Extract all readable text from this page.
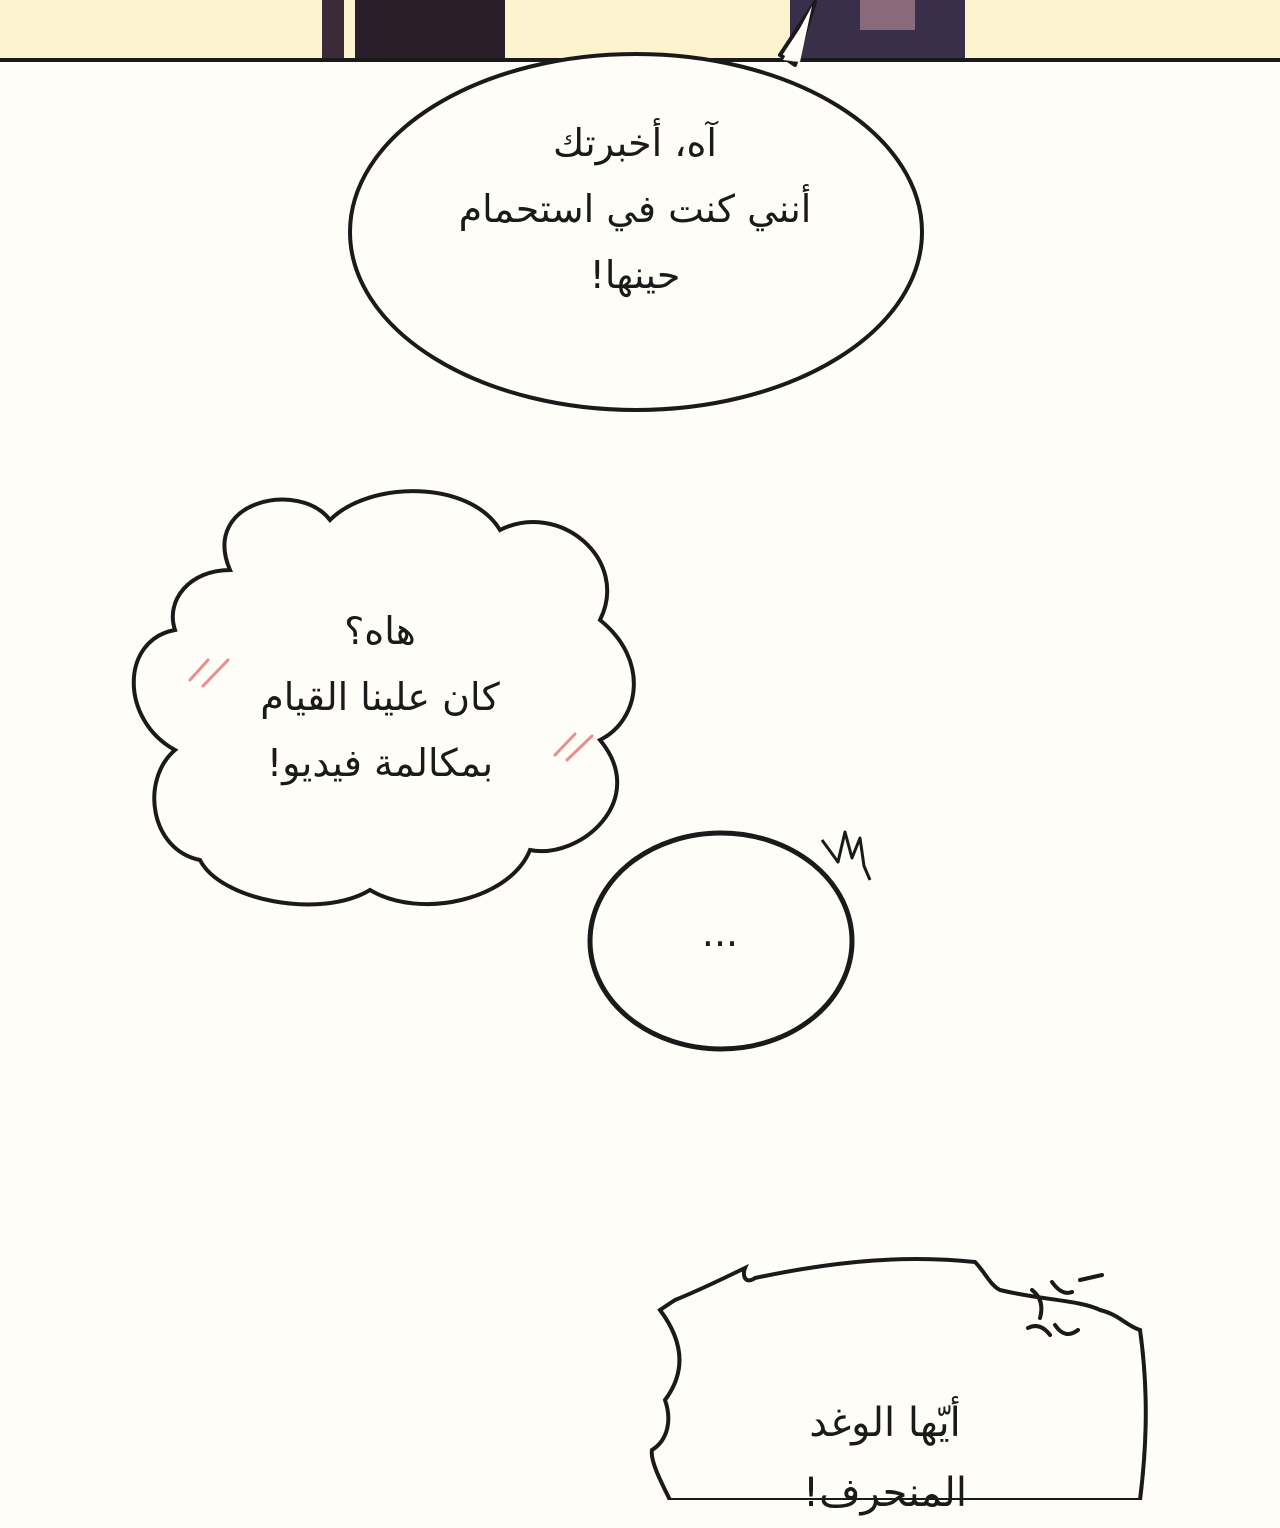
آه، أخبرتك
أنني كنت في استحمام
حينها!
هاه؟
كان علينا القيام
بمكالمة فيديو!
...
أيّها الوغد
المنحرف!
